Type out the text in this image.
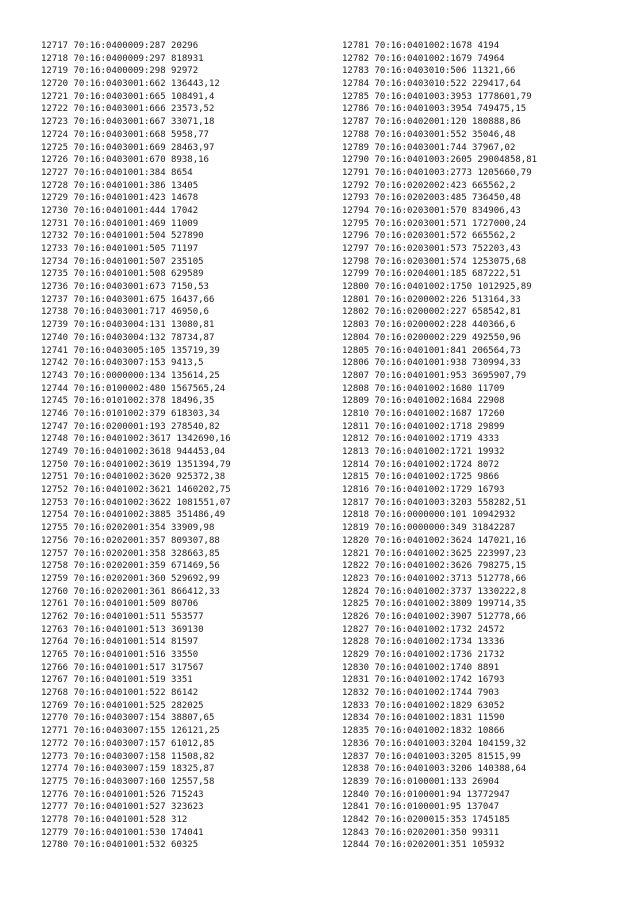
12717 70:16:0400009:287 20296
12718 70:16:0400009:297 818931
12719 70:16:0400009:298 92972
12720 70:16:0403001:662 136443,12
12721 70:16:0403001:665 108491,4
12722 70:16:0403001:666 23573,52
12723 70:16:0403001:667 33071,18
12724 70:16:0403001:668 5958,77
12725 70:16:0403001:669 28463,97
12726 70:16:0403001:670 8938,16
12727 70:16:0401001:384 8654
12728 70:16:0401001:386 13405
12729 70:16:0401001:423 14678
12730 70:16:0401001:444 17042
12731 70:16:0401001:469 11009
12732 70:16:0401001:504 527890
12733 70:16:0401001:505 71197
12734 70:16:0401001:507 235105
12735 70:16:0401001:508 629589
12736 70:16:0403001:673 7150,53
12737 70:16:0403001:675 16437,66
12738 70:16:0403001:717 46950,6
12739 70:16:0403004:131 13080,81
12740 70:16:0403004:132 78734,87
12741 70:16:0403005:105 135719,39
12742 70:16:0403007:153 9413,5
12743 70:16:0000000:134 135614,25
12744 70:16:0100002:480 1567565,24
12745 70:16:0101002:378 18496,35
12746 70:16:0101002:379 618303,34
12747 70:16:0200001:193 278540,82
12748 70:16:0401002:3617 1342690,16
12749 70:16:0401002:3618 944453,04
12750 70:16:0401002:3619 1351394,79
12751 70:16:0401002:3620 925372,38
12752 70:16:0401002:3621 1460202,75
12753 70:16:0401002:3622 1081551,07
12754 70:16:0401002:3885 351486,49
12755 70:16:0202001:354 33909,98
12756 70:16:0202001:357 809307,88
12757 70:16:0202001:358 328663,85
12758 70:16:0202001:359 671469,56
12759 70:16:0202001:360 529692,99
12760 70:16:0202001:361 866412,33
12761 70:16:0401001:509 80706
12762 70:16:0401001:511 553577
12763 70:16:0401001:513 369130
12764 70:16:0401001:514 81597
12765 70:16:0401001:516 33550
12766 70:16:0401001:517 317567
12767 70:16:0401001:519 3351
12768 70:16:0401001:522 86142
12769 70:16:0401001:525 282025
12770 70:16:0403007:154 38807,65
12771 70:16:0403007:155 126121,25
12772 70:16:0403007:157 61012,85
12773 70:16:0403007:158 11508,82
12774 70:16:0403007:159 18325,87
12775 70:16:0403007:160 12557,58
12776 70:16:0401001:526 715243
12777 70:16:0401001:527 323623
12778 70:16:0401001:528 312
12779 70:16:0401001:530 174041
12780 70:16:0401001:532 60325
12781 70:16:0401002:1678 4194
12782 70:16:0401002:1679 74964
12783 70:16:0403010:506 11321,66
12784 70:16:0403010:522 229417,64
12785 70:16:0401003:3953 1778601,79
12786 70:16:0401003:3954 749475,15
12787 70:16:0402001:120 180888,86
12788 70:16:0403001:552 35046,48
12789 70:16:0403001:744 37967,02
12790 70:16:0401003:2605 29004858,81
12791 70:16:0401003:2773 1205660,79
12792 70:16:0202002:423 665562,2
12793 70:16:0202003:485 736450,48
12794 70:16:0203001:570 834906,43
12795 70:16:0203001:571 1727000,24
12796 70:16:0203001:572 665562,2
12797 70:16:0203001:573 752203,43
12798 70:16:0203001:574 1253075,68
12799 70:16:0204001:185 687222,51
12800 70:16:0401002:1750 1012925,89
12801 70:16:0200002:226 513164,33
12802 70:16:0200002:227 658542,81
12803 70:16:0200002:228 440366,6
12804 70:16:0200002:229 492550,96
12805 70:16:0401001:841 206564,73
12806 70:16:0401001:938 730994,33
12807 70:16:0401001:953 3695907,79
12808 70:16:0401002:1680 11709
12809 70:16:0401002:1684 22908
12810 70:16:0401002:1687 17260
12811 70:16:0401002:1718 29899
12812 70:16:0401002:1719 4333
12813 70:16:0401002:1721 19932
12814 70:16:0401002:1724 8072
12815 70:16:0401002:1725 9866
12816 70:16:0401002:1729 16793
12817 70:16:0401003:3203 558282,51
12818 70:16:0000000:101 10942932
12819 70:16:0000000:349 31842287
12820 70:16:0401002:3624 147021,16
12821 70:16:0401002:3625 223997,23
12822 70:16:0401002:3626 798275,15
12823 70:16:0401002:3713 512778,66
12824 70:16:0401002:3737 1330222,8
12825 70:16:0401002:3809 199714,35
12826 70:16:0401002:3907 512778,66
12827 70:16:0401002:1732 24572
12828 70:16:0401002:1734 13336
12829 70:16:0401002:1736 21732
12830 70:16:0401002:1740 8891
12831 70:16:0401002:1742 16793
12832 70:16:0401002:1744 7903
12833 70:16:0401002:1829 63052
12834 70:16:0401002:1831 11590
12835 70:16:0401002:1832 10866
12836 70:16:0401003:3204 104159,32
12837 70:16:0401003:3205 81515,99
12838 70:16:0401003:3206 140388,64
12839 70:16:0100001:133 26904
12840 70:16:0100001:94 13772947
12841 70:16:0100001:95 137047
12842 70:16:0200015:353 1745185
12843 70:16:0202001:350 99311
12844 70:16:0202001:351 105932
